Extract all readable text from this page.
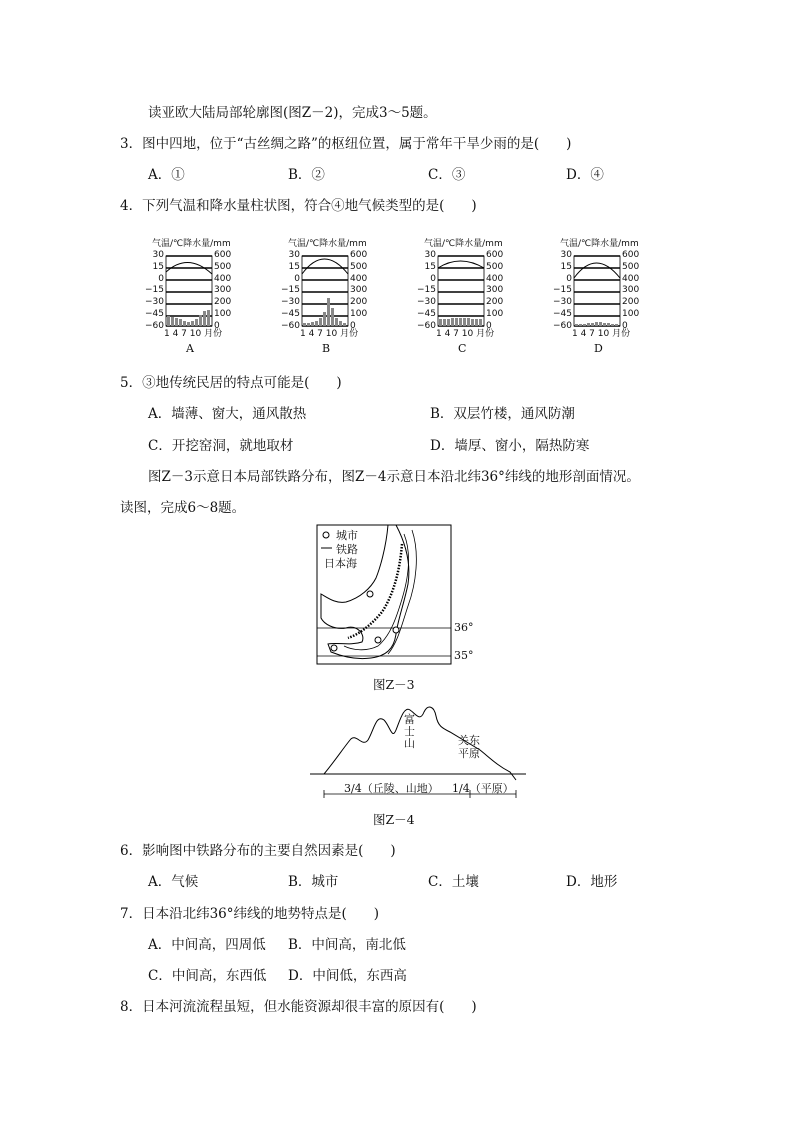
读亚欧大陆局部轮廓图(图Z－2)，完成3～5题。
3．图中四地，位于“古丝绸之路”的枢纽位置，属于常年干旱少雨的是(　　)
A．①	B．②	C．③	D．④
4．下列气温和降水量柱状图，符合④地气候类型的是(　　)
气温/℃降水量/mm
30
15
0
−15
−30
−45
−60
600
500
400
300
200
100
0
1 4 7 10 月份
A
气温/℃降水量/mm
30
15
0
−15
−30
−45
−60
600
500
400
300
200
100
0
1 4 7 10 月份
B
气温/℃降水量/mm
30
15
0
−15
−30
−45
−60
600
500
400
300
200
100
0
1 4 7 10 月份
C
气温/℃降水量/mm
30
15
0
−15
−30
−45
−60
600
500
400
300
200
100
0
1 4 7 10 月份
D
5．③地传统民居的特点可能是(　　)
A．墙薄、窗大，通风散热	B．双层竹楼，通风防潮
C．开挖窑洞，就地取材	D．墙厚、窗小，隔热防寒
图Z－3示意日本局部铁路分布，图Z－4示意日本沿北纬36°纬线的地形剖面情况。
读图，完成6～8题。
城市
铁路
日本海
36°
35°
图Z－3
富士山	关东平原
3/4（丘陵、山地） 1/4（平原）
图Z－4
6．影响图中铁路分布的主要自然因素是(　　)
A．气候	B．城市	C．土壤	D．地形
7．日本沿北纬36°纬线的地势特点是(　　)
A．中间高，四周低 B．中间高，南北低
C．中间高，东西低 D．中间低，东西高
8．日本河流流程虽短，但水能资源却很丰富的原因有(　　)
